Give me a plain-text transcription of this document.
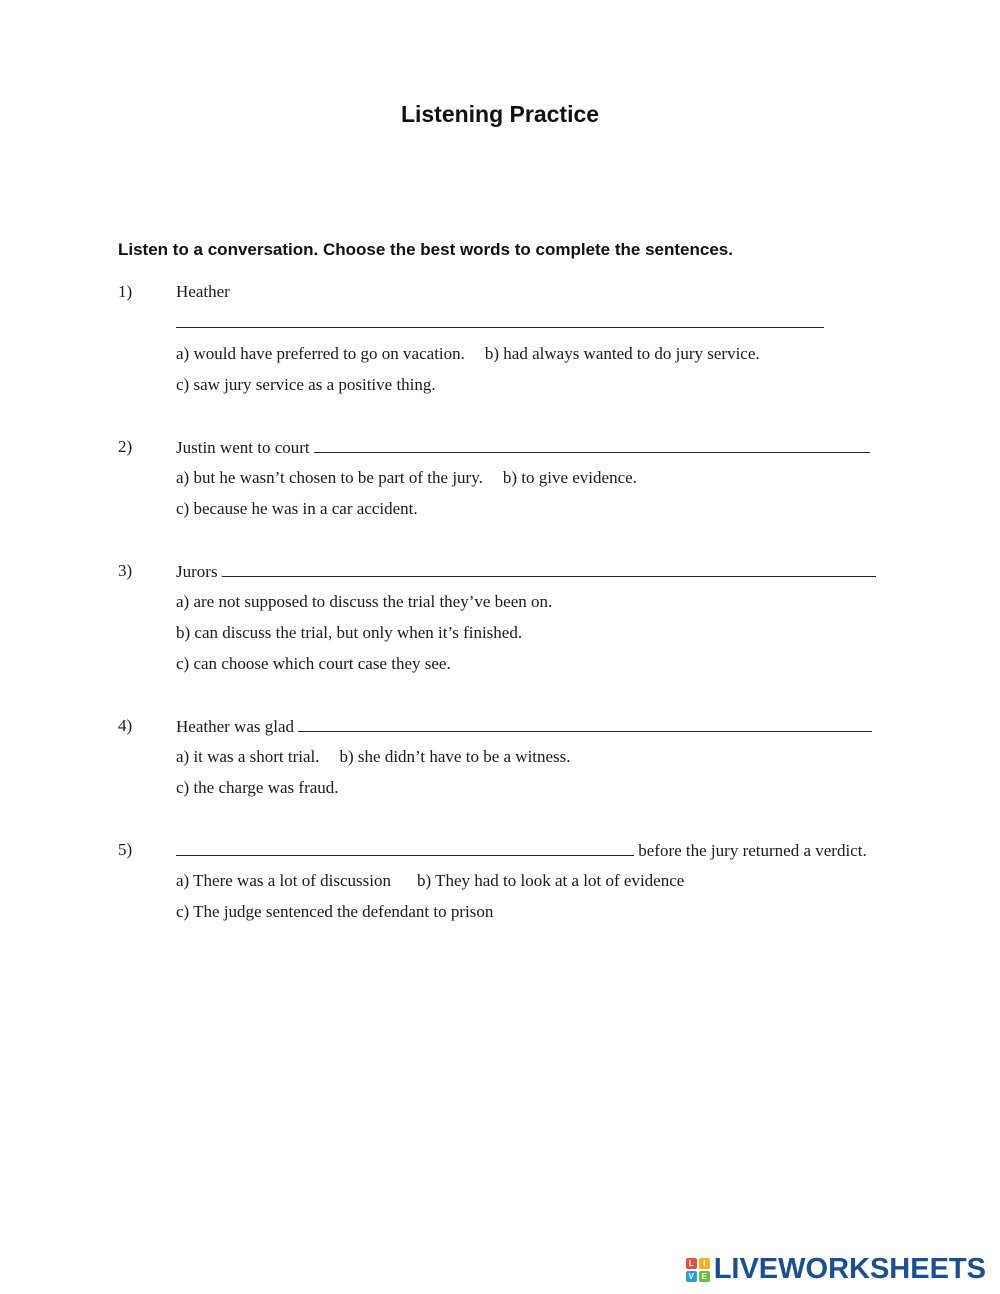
Listening Practice
Listen to a conversation. Choose the best words to complete the sentences.
1)	Heather
a) would have preferred to go on vacation. b) had always wanted to do jury service.
c) saw jury service as a positive thing.
2)	Justin went to court
a) but he wasn’t chosen to be part of the jury. b) to give evidence.
c) because he was in a car accident.
3)	Jurors
a) are not supposed to discuss the trial they’ve been on.
b) can discuss the trial, but only when it’s finished.
c) can choose which court case they see.
4)	Heather was glad
a) it was a short trial. b) she didn’t have to be a witness.
c) the charge was fraud.
5)	before the jury returned a verdict.
a) There was a lot of discussion b) They had to look at a lot of evidence
c) The judge sentenced the defendant to prison
L	I
V E LIVEWORKSHEETS
